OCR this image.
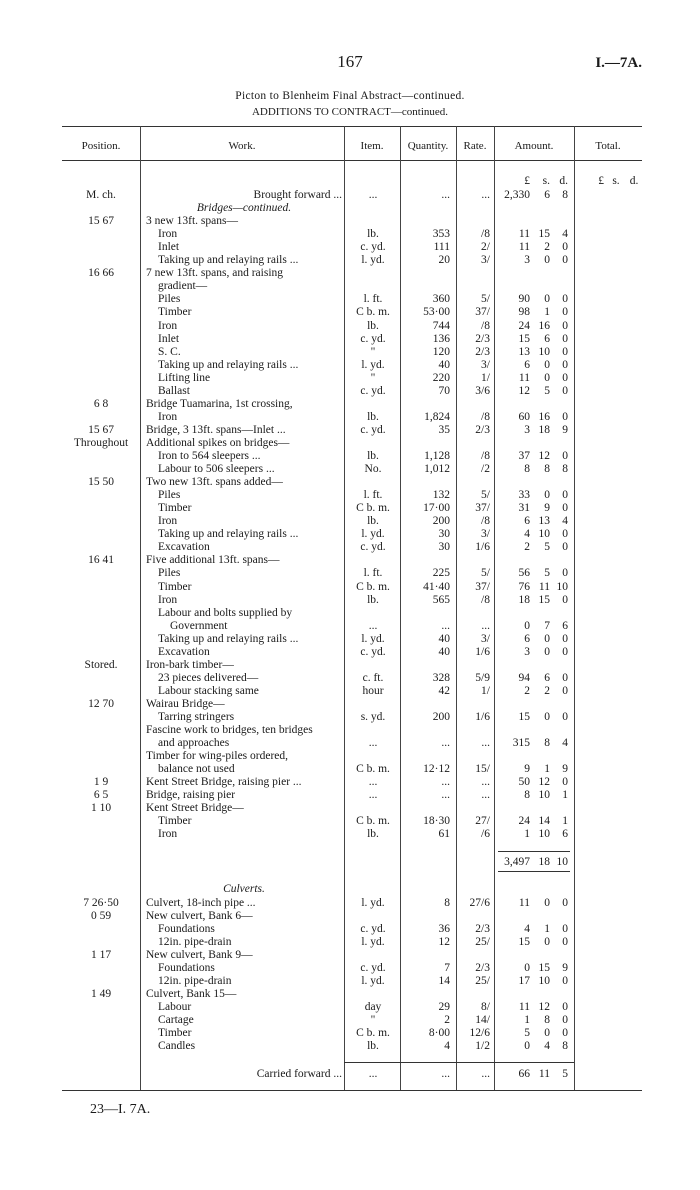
167	I.—7A.
Picton to Blenheim Final Abstract—continued.
ADDITIONS TO CONTRACT—continued.
Position.	Work.	Item.	Quantity.	Rate.	Amount.	Total.
£	s. d.	£ s. d.
M. ch.	Brought forward ...	...	...	...	2,330	6	8
Bridges—continued.
15 67	3 new 13ft. spans—
Iron	lb.	353	/8	11 15	4
Inlet	c. yd.	111	2/	11	2	0
Taking up and relaying rails ...	l. yd.	20	3/	3	0	0
16 66	7 new 13ft. spans, and raising
gradient—
Piles	l. ft.	360	5/	90	0	0
Timber	C b. m.	53·00	37/	98	1	0
Iron	lb.	744	/8	24 16	0
Inlet	c. yd.	136	2/3	15	6	0
S. C.	"	120	2/3	13 10	0
Taking up and relaying rails ...	l. yd.	40	3/	6	0	0
Lifting line	"	220	1/	11	0	0
Ballast	c. yd.	70	3/6	12	5	0
6 8	Bridge Tuamarina, 1st crossing,
Iron	lb.	1,824	/8	60 16	0
15 67	Bridge, 3 13ft. spans—Inlet ...	c. yd.	35	2/3	3 18	9
Throughout	Additional spikes on bridges—
Iron to 564 sleepers ...	lb.	1,128	/8	37 12	0
Labour to 506 sleepers ...	No.	1,012	/2	8	8	8
15 50	Two new 13ft. spans added—
Piles	l. ft.	132	5/	33	0	0
Timber	C b. m.	17·00	37/	31	9	0
Iron	lb.	200	/8	6 13	4
Taking up and relaying rails ...	l. yd.	30	3/	4 10	0
Excavation	c. yd.	30	1/6	2	5	0
16 41	Five additional 13ft. spans—
Piles	l. ft.	225	5/	56	5	0
Timber	C b. m.	41·40	37/	76 11 10
Iron	lb.	565	/8	18 15	0
Labour and bolts supplied by
Government	...	...	...	0	7	6
Taking up and relaying rails ...	l. yd.	40	3/	6	0	0
Excavation	c. yd.	40	1/6	3	0	0
Stored.	Iron-bark timber—
23 pieces delivered—	c. ft.	328	5/9	94	6	0
Labour stacking same	hour	42	1/	2	2	0
12 70	Wairau Bridge—
Tarring stringers	s. yd.	200	1/6	15	0	0
Fascine work to bridges, ten bridges
and approaches	...	...	...	315	8	4
Timber for wing-piles ordered,
balance not used	C b. m.	12·12	15/	9	1	9
1 9	Kent Street Bridge, raising pier ...	...	...	...	50 12	0
6 5	Bridge, raising pier	...	...	...	8 10	1
1 10	Kent Street Bridge—
Timber	C b. m.	18·30	27/	24 14	1
Iron	lb.	61	/6	1 10	6
3,497 18 10
Culverts.
7 26·50	Culvert, 18-inch pipe ...	l. yd.	8	27/6	11	0	0
0 59	New culvert, Bank 6—
Foundations	c. yd.	36	2/3	4	1	0
12in. pipe-drain	l. yd.	12	25/	15	0	0
1 17	New culvert, Bank 9—
Foundations	c. yd.	7	2/3	0 15	9
12in. pipe-drain	l. yd.	14	25/	17 10	0
1 49	Culvert, Bank 15—
Labour	day	29	8/	11 12	0
Cartage	"	2	14/	1	8	0
Timber	C b. m.	8·00	12/6	5	0	0
Candles	lb.	4	1/2	0	4	8
Carried forward ...	...	...	...	66 11	5
23—I. 7A.
